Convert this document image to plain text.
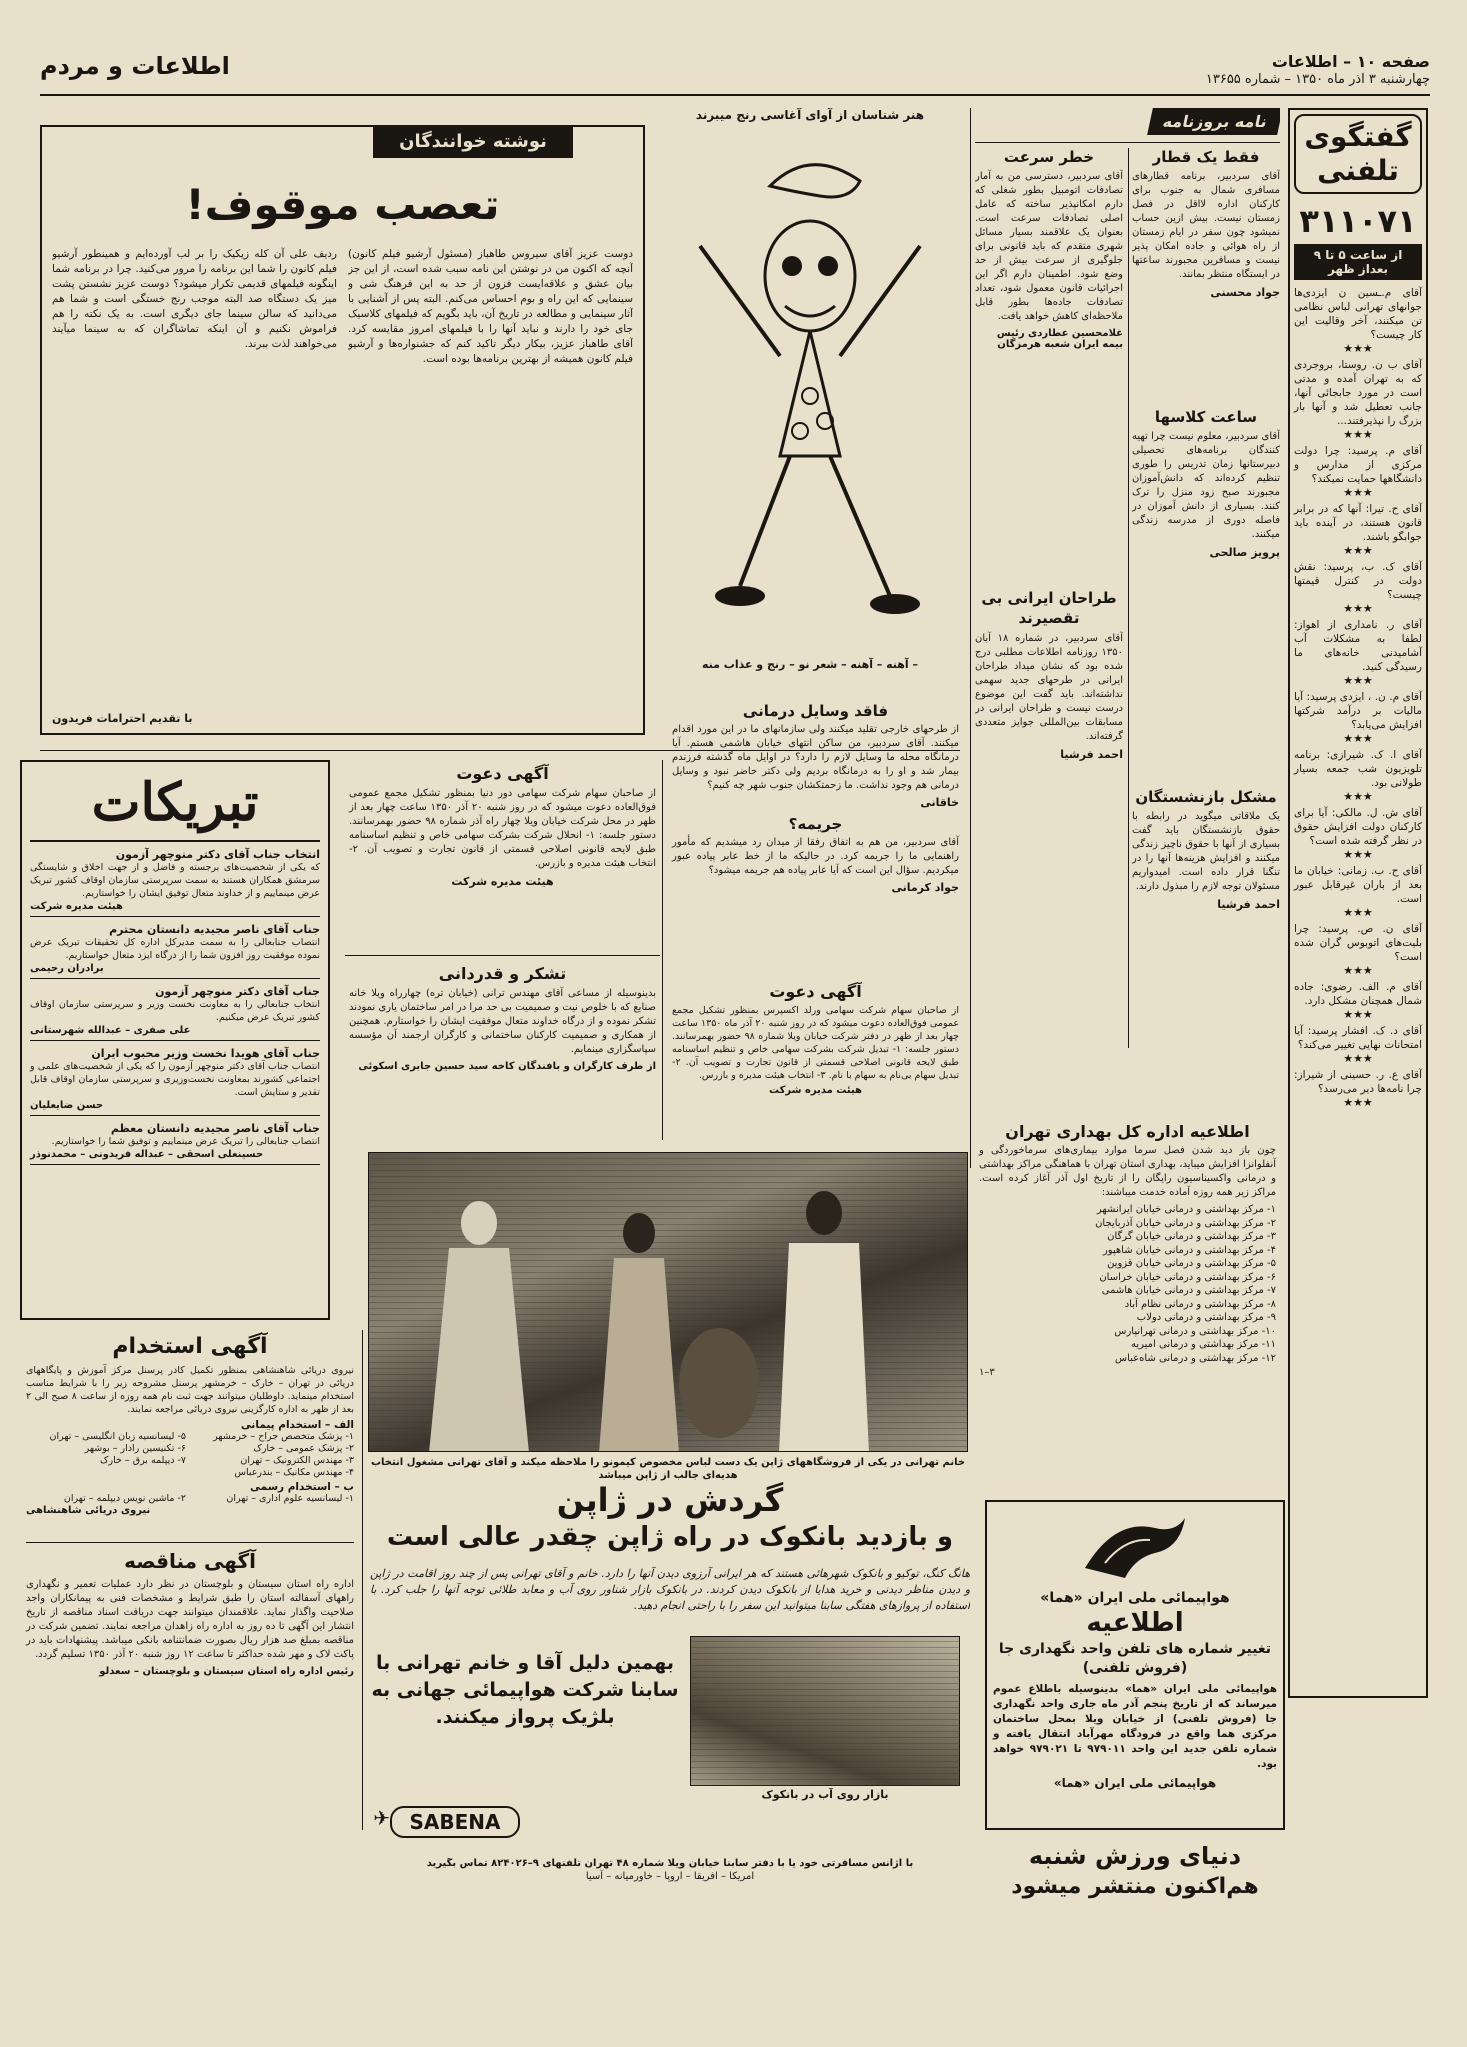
صفحه ۱۰ – اطلاعات
چهارشنبه ۳ آذر ماه ۱۳۵۰ – شماره ۱۳۶۵۵
اطلاعات و مردم
گفتگوی
تلفنی
۳۱۱۰۷۱
از ساعت ۵ تا ۹ بعداز ظهر
آقای م.ـسین ن ایزدی‌ها جوانهای تهرانی لباس نظامی تن میکنند، آخر وقالیت این کار چیست؟
★★★
آقای ب ن. روستا، بروجردی که به تهران آمده و مدتی است در مورد جابجائی آنها، جانب تعطیل شد و آنها بار بزرگ را نپذیرفتند...
★★★
آقای م. پرسید: چرا دولت مرکزی از مدارس و دانشگاهها حمایت نمیکند؟
★★★
آقای ح. تیرا: آنها که در برابر قانون هستند، در آینده باید جوابگو باشند.
★★★
آقای ک. ب، پرسید: نقش دولت در کنترل قیمتها چیست؟
★★★
آقای ر. نامداری از اهواز: لطفا به مشکلات آب آشامیدنی خانه‌های ما رسیدگی کنید.
★★★
آقای م. ن. ، ایزدی پرسید: آیا مالیات بر درآمد شرکتها افزایش می‌یابد؟
★★★
آقای ا. ک. شیرازی: برنامه تلویزیون شب جمعه بسیار طولانی بود.
★★★
آقای ش. ل. مالکی: آیا برای کارکنان دولت افزایش حقوق در نظر گرفته شده است؟
★★★
آقای ح. ب. زمانی: خیابان ما بعد از باران غیرقابل عبور است.
★★★
آقای ن. ص. پرسید: چرا بلیت‌های اتوبوس گران شده است؟
★★★
آقای م. الف. رضوی: جاده شمال همچنان مشکل دارد.
★★★
آقای د. ک. افشار پرسید: آیا امتحانات نهایی تغییر می‌کند؟
★★★
آقای ع. ر. حسینی از شیراز: چرا نامه‌ها دیر می‌رسد؟
★★★
نامه بروزنامه
فقط یک قطار
آقای سردبیر، برنامه قطارهای مسافری شمال به جنوب برای کارکنان اداره لااقل در فصل زمستان نیست. بیش ازین حساب نمیشود چون سفر در ایام زمستان از راه هوائی و جاده امکان پذیر نیست و مسافرین مجبورند ساعتها در ایستگاه منتظر بمانند.
جواد محسنی
خطر سرعت
آقای سردبیر، دسترسی من به آمار تصادفات اتومبیل بطور شغلی که دارم امکانپذیر ساخته که عامل اصلی تصادفات سرعت است. بعنوان یک علاقمند بسیار مسائل شهری متقدم که باید قانونی برای جلوگیری از سرعت بیش از حد وضع شود. اطمینان دارم اگر این اجرائیات قانون معمول شود، تعداد تصادفات جاده‌ها بطور قابل ملاحظه‌ای کاهش خواهد یافت.
غلامحسین عطاردی رئیس بیمه ایران شعبه هرمزگان
ساعت کلاسها
آقای سردبیر، معلوم نیست چرا تهیه کنندگان برنامه‌های تحصیلی دبیرستانها زمان تدریس را طوری تنظیم کرده‌اند که دانش‌آموزان مجبورند صبح زود منزل را ترک کنند. بسیاری از دانش آموزان در فاصله دوری از مدرسه زندگی میکنند.
پرویز صالحی
طراحان ایرانی بی تقصیرند
آقای سردبیر، در شماره ۱۸ آبان ۱۳۵۰ روزنامه اطلاعات مطلبی درج شده بود که نشان میداد طراحان ایرانی در طرحهای جدید سهمی نداشته‌اند. باید گفت این موضوع درست نیست و طراحان ایرانی در مسابقات بین‌المللی جوایز متعددی گرفته‌اند.
احمد فرشیا
مشکل بازنشستگان
یک ملاقاتی میگوید در رابطه با حقوق بازنشستگان باید گفت بسیاری از آنها با حقوق ناچیز زندگی میکنند و افزایش هزینه‌ها آنها را در تنگنا قرار داده است. امیدواریم مسئولان توجه لازم را مبذول دارند.
احمد فرشیا
هنر شناسان از آوای آغاسی رنج میبرند
– آهنه – آهنه – شعر نو – رنج و عذاب منه
نوشته خوانندگان
تعصب موقوف!
دوست عزیز آقای سیروس طاهباز (مسئول آرشیو فیلم کانون) آنچه که اکنون من در نوشتن این نامه سبب شده است، از این جز بیان عشق و علاقه‌ایست فزون از حد به این فرهنگ شی و سینمایی که این راه و بوم احساس می‌کنم. البته پس از آشنایی با آثار سینمایی و مطالعه در تاریخ آن، باید بگویم که فیلمهای کلاسیک جای خود را دارند و نباید آنها را با فیلمهای امروز مقایسه کرد. آقای طاهباز عزیز، بیکار دیگر تاکید کنم که جشنواره‌ها و آرشیو فیلم کانون همیشه از بهترین برنامه‌ها بوده است.
ردیف علی آن کله زیکیک را بر لب آورده‌ایم و همینطور آرشیو فیلم کانون را شما این برنامه را مرور می‌کنید. چرا در برنامه شما اینگونه فیلمهای قدیمی تکرار میشود؟ دوست عزیز نشستن پشت میز یک دستگاه صد البته موجب رنج خستگی است و شما هم می‌دانید که سالن سینما جای دیگری است. به یک نکته را هم فراموش نکنیم و آن اینکه تماشاگران که به سینما میآیند می‌خواهند لذت ببرند.
با تقدیم احترامات فریدون
تبریکات
انتخاب جناب آقای دکتر منوچهر آزمون
که یکی از شخصیت‌های برجسته و فاضل و از جهت اخلاق و شایستگی سرمشق همکاران هستند به سمت سرپرستی سازمان اوقاف کشور تبریک عرض مینماییم و از خداوند متعال توفیق ایشان را خواستاریم.
هیئت مدیره شرکت
جناب آقای ناصر مجیدیه دانستان محترم
انتصاب جنابعالی را به سمت مدیرکل اداره کل تحقیقات تبریک عرض نموده موفقیت روز افزون شما را از درگاه ایزد متعال خواستاریم.
برادران رحیمی
جناب آقای دکتر منوچهر آزمون
انتخاب جنابعالی را به معاونت نخست وزیر و سرپرستی سازمان اوقاف کشور تبریک عرض میکنیم.
علی صفری – عبدالله شهرستانی
جناب آقای هویدا نخست وزیر محبوب ایران
انتصاب جناب آقای دکتر منوچهر آزمون را که یکی از شخصیت‌های علمی و اجتماعی کشورند بمعاونت نخست‌وزیری و سرپرستی سازمان اوقاف قابل تقدیر و ستایش است.
حسن ضایعلیان
جناب آقای ناصر مجیدیه دانستان معظم
انتصاب جنابعالی را تبریک عرض مینماییم و توفیق شما را خواستاریم.
حسینعلی اسحقی – عبداله فریدونی – محمدنوذر
آگهی دعوت
از صاحبان سهام شرکت سهامی دور دنیا بمنظور تشکیل مجمع عمومی فوق‌العاده دعوت میشود که در روز شنبه ۲۰ آذر ۱۳۵۰ ساعت چهار بعد از ظهر در محل شرکت خیابان ویلا چهار راه آذر شماره ۹۸ حضور بهمرسانند. دستور جلسه: ۱- انحلال شرکت بشرکت سهامی خاص و تنظیم اساسنامه طبق لایحه قانونی اصلاحی قسمتی از قانون تجارت و تصویب آن. ۲- انتخاب هیئت مدیره و بازرس.
هیئت مدیره شرکت
تشکر و قدردانی
بدینوسیله از مساعی آقای مهندس ترانی (خیابان تره) چهارراه ویلا خانه صنایع که با خلوص نیت و صمیمیت بی حد مرا در امر ساختمان یاری نمودند تشکر نموده و از درگاه خداوند متعال موفقیت ایشان را خواستارم. همچنین از همکاری و صمیمیت کارکنان ساختمانی و کارگران ارجمند آن مؤسسه سپاسگزاری مینمایم.
از طرف کارگران و بافندگان کاخه سید حسین جابری اسکوئی
فاقد وسایل درمانی
از طرحهای خارجی تقلید میکنند ولی سازمانهای ما در این مورد اقدام میکنند. آقای سردبیر، من ساکن انتهای خیابان هاشمی هستم. آیا درمانگاه محله ما وسایل لازم را دارد؟ در اوایل ماه گذشته فرزندم بیمار شد و او را به درمانگاه بردیم ولی دکتر حاضر نبود و وسایل درمانی هم وجود نداشت. ما زحمتکشان جنوب شهر چه کنیم؟
خاقانی
جریمه؟
آقای سردبیر، من هم به اتفاق رفقا از میدان رد میشدیم که مأمور راهنمایی ما را جریمه کرد. در حالیکه ما از خط عابر پیاده عبور میکردیم. سؤال این است که آیا عابر پیاده هم جریمه میشود؟
جواد کرمانی
آگهی دعوت
از صاحبان سهام شرکت سهامی ورلد اکسپرس بمنظور تشکیل مجمع عمومی فوق‌العاده دعوت میشود که در روز شنبه ۲۰ آذر ماه ۱۳۵۰ ساعت چهار بعد از ظهر در دفتر شرکت خیابان ویلا شماره ۹۸ حضور بهمرسانند. دستور جلسه: ۱- تبدیل شرکت بشرکت سهامی خاص و تنظیم اساسنامه طبق لایحه قانونی اصلاحی قسمتی از قانون تجارت و تصویب آن. ۲- تبدیل سهام بی‌نام به سهام با نام. ۳- انتخاب هیئت مدیره و بازرس.
هیئت مدیره شرکت
اطلاعیه اداره کل بهداری تهران
چون باز دید شدن فصل سرما موارد بیماری‌های سرماخوردگی و آنفلوانزا افزایش میباید، بهداری استان تهران با هماهنگی مراکز بهداشتی و درمانی واکسیناسیون رایگان را از تاریخ اول آذر آغاز کرده است. مراکز زیر همه روزه آماده خدمت میباشند:
۱- مرکز بهداشتی و درمانی خیابان ایرانشهر
۲- مرکز بهداشتی و درمانی خیابان آذربایجان
۳- مرکز بهداشتی و درمانی خیابان گرگان
۴- مرکز بهداشتی و درمانی خیابان شاهپور
۵- مرکز بهداشتی و درمانی خیابان قزوین
۶- مرکز بهداشتی و درمانی خیابان خراسان
۷- مرکز بهداشتی و درمانی خیابان هاشمی
۸- مرکز بهداشتی و درمانی نظام آباد
۹- مرکز بهداشتی و درمانی دولاب
۱۰- مرکز بهداشتی و درمانی تهرانپارس
۱۱- مرکز بهداشتی و درمانی امیریه
۱۲- مرکز بهداشتی و درمانی شاه‌عباس
۳–۱
خانم تهرانی در یکی از فروشگاههای ژاپن یک دست لباس مخصوص کیمونو را ملاحظه میکند و آقای تهرانی مشغول انتخاب هدیه‌ای جالب از ژاپن میباشد
آگهی استخدام
نیروی دریائی شاهنشاهی بمنظور تکمیل کادر پرسنل مرکز آموزش و پایگاههای دریائی در تهران – خارک – خرمشهر پرسنل مشروحه زیر را با شرایط مناسب استخدام مینماید. داوطلبان میتوانند جهت ثبت نام همه روزه از ساعت ۸ صبح الی ۲ بعد از ظهر به اداره کارگزینی نیروی دریائی مراجعه نمایند.
الف – استخدام پیمانی
۱- پزشک متخصص جراح – خرمشهر
۲- پزشک عمومی – خارک
۳- مهندس الکترونیک – تهران
۴- مهندس مکانیک – بندرعباس
۵- لیسانسیه زبان انگلیسی – تهران
۶- تکنیسین رادار – بوشهر
۷- دیپلمه برق – خارک
ب – استخدام رسمی
۱- لیسانسیه علوم اداری – تهران
۲- ماشین نویس دیپلمه – تهران
نیروی دریائی شاهنشاهی
آگهی مناقصه
اداره راه استان سیستان و بلوچستان در نظر دارد عملیات تعمیر و نگهداری راههای آسفالته استان را طبق شرایط و مشخصات فنی به پیمانکاران واجد صلاحیت واگذار نماید. علاقمندان میتوانند جهت دریافت اسناد مناقصه از تاریخ انتشار این آگهی تا ده روز به اداره راه زاهدان مراجعه نمایند. تضمین شرکت در مناقصه بمبلغ صد هزار ریال بصورت ضمانتنامه بانکی میباشد. پیشنهادات باید در پاکت لاک و مهر شده حداکثر تا ساعت ۱۲ روز شنبه ۲۰ آذر ۱۳۵۰ تسلیم گردد.
رئیس اداره راه استان سیستان و بلوچستان – سعدلو
گردش در ژاپن
و بازدید بانکوک در راه ژاپن چقدر عالی است
هانگ کنگ، توکیو و بانکوک شهرهائی هستند که هر ایرانی آرزوی دیدن آنها را دارد. خانم و آقای تهرانی پس از چند روز اقامت در ژاپن و دیدن مناظر دیدنی و خرید هدایا از بانکوک دیدن کردند. در بانکوک بازار شناور روی آب و معابد طلائی توجه آنها را جلب کرد. با استفاده از پروازهای هفتگی سابنا میتوانید این سفر را با راحتی انجام دهید.
بازار روی آب در بانکوک
بهمین دلیل آقا و خانم تهرانی با سابنا شرکت هواپیمائی جهانی به بلژیک پرواز میکنند.
SABENA
✈
با آژانس مسافرتی خود یا با دفتر سابنا خیابان ویلا شماره ۴۸ تهران تلفنهای ۹–۸۲۴۰۲۶ تماس بگیرید
امریکا – افریقا – اروپا – خاورمیانه – آسیا
هواپیمائی ملی ایران «هما»
اطلاعیه
تغییر شماره های تلفن واحد نگهداری جا (فروش تلفنی)
هواپیمائی ملی ایران «هما» بدینوسیله باطلاع عموم میرساند که از تاریخ پنجم آذر ماه جاری واحد نگهداری جا (فروش تلفنی) از خیابان ویلا بمحل ساختمان مرکزی هما واقع در فرودگاه مهرآباد انتقال یافته و شماره تلفن جدید این واحد ۹۷۹۰۱۱ تا ۹۷۹۰۲۱ خواهد بود.
هواپیمائی ملی ایران «هما»
دنیای ورزش شنبه
هم‌اکنون منتشر میشود
